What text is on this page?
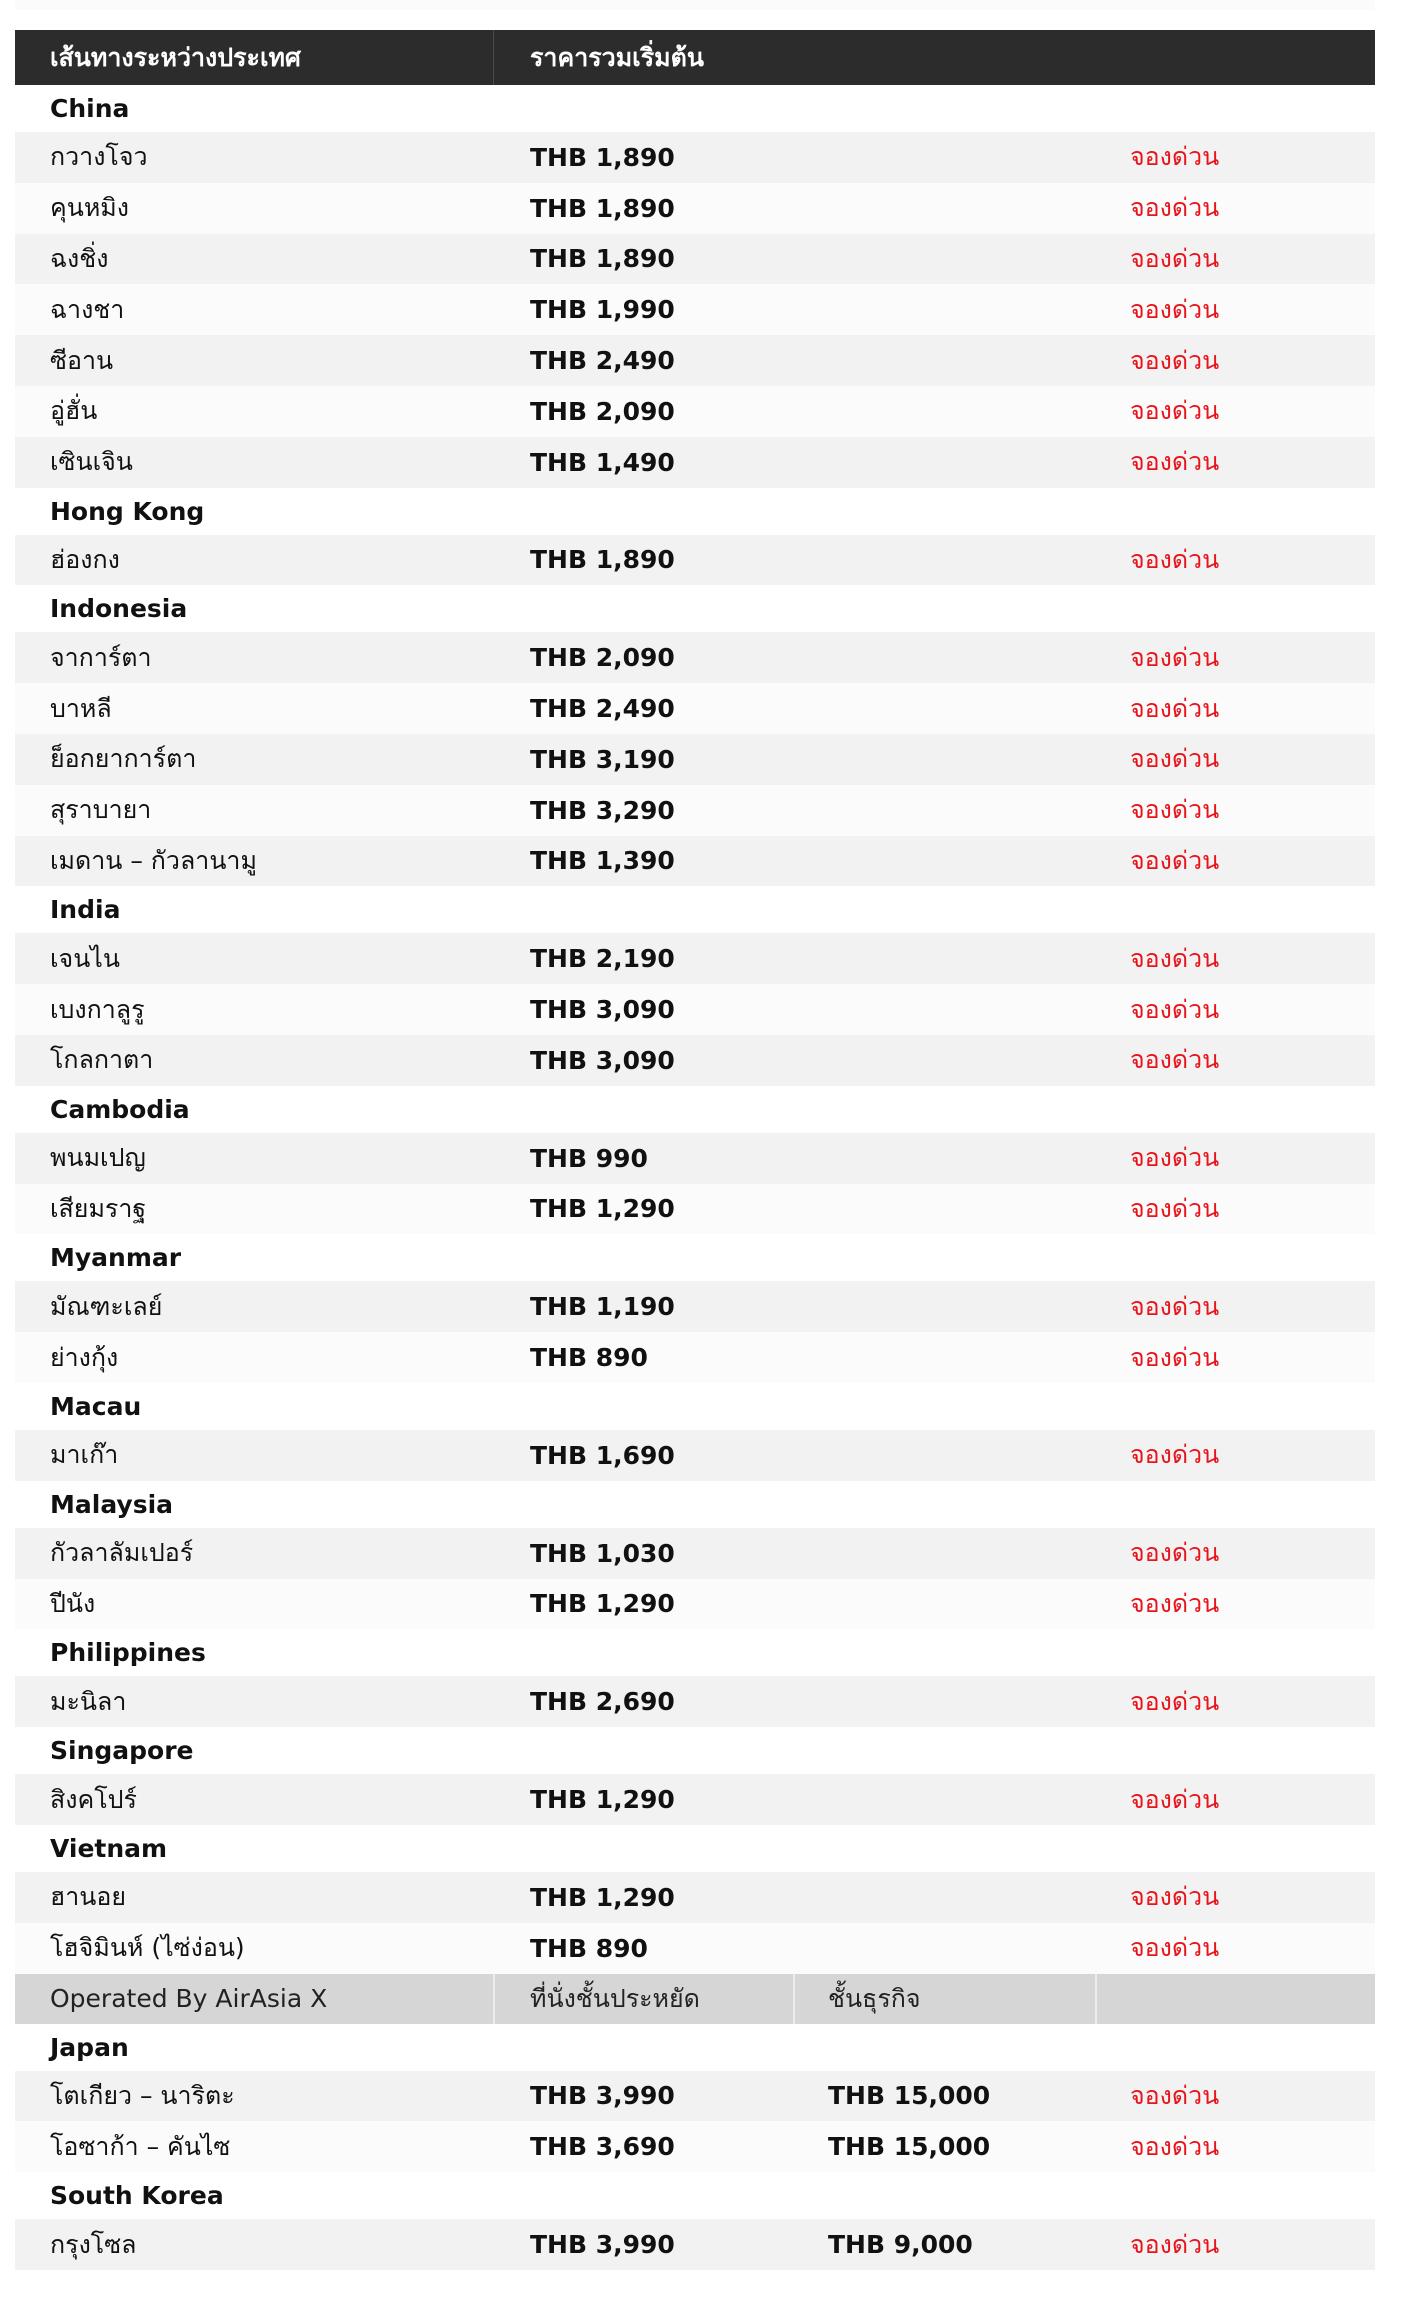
เส้นทางระหว่างประเทศ	ราคารวมเริ่มต้น
China
กวางโจว	THB 1,890	จองด่วน
คุนหมิง	THB 1,890	จองด่วน
ฉงชิ่ง	THB 1,890	จองด่วน
ฉางชา	THB 1,990	จองด่วน
ซีอาน	THB 2,490	จองด่วน
อู่ฮั่น	THB 2,090	จองด่วน
เซินเจิน	THB 1,490	จองด่วน
Hong Kong
ฮ่องกง	THB 1,890	จองด่วน
Indonesia
จาการ์ตา	THB 2,090	จองด่วน
บาหลี	THB 2,490	จองด่วน
ย็อกยาการ์ตา	THB 3,190	จองด่วน
สุราบายา	THB 3,290	จองด่วน
เมดาน – กัวลานามู	THB 1,390	จองด่วน
India
เจนไน	THB 2,190	จองด่วน
เบงกาลูรู	THB 3,090	จองด่วน
โกลกาตา	THB 3,090	จองด่วน
Cambodia
พนมเปญ	THB 990	จองด่วน
เสียมราฐ	THB 1,290	จองด่วน
Myanmar
มัณฑะเลย์	THB 1,190	จองด่วน
ย่างกุ้ง	THB 890	จองด่วน
Macau
มาเก๊า	THB 1,690	จองด่วน
Malaysia
กัวลาลัมเปอร์	THB 1,030	จองด่วน
ปีนัง	THB 1,290	จองด่วน
Philippines
มะนิลา	THB 2,690	จองด่วน
Singapore
สิงคโปร์	THB 1,290	จองด่วน
Vietnam
ฮานอย	THB 1,290	จองด่วน
โฮจิมินห์ (ไซ่ง่อน)	THB 890	จองด่วน
Operated By AirAsia X	ที่นั่งชั้นประหยัด	ชั้นธุรกิจ
Japan
โตเกียว – นาริตะ	THB 3,990	THB 15,000	จองด่วน
โอซาก้า – คันไซ	THB 3,690	THB 15,000	จองด่วน
South Korea
กรุงโซล	THB 3,990	THB 9,000	จองด่วน
